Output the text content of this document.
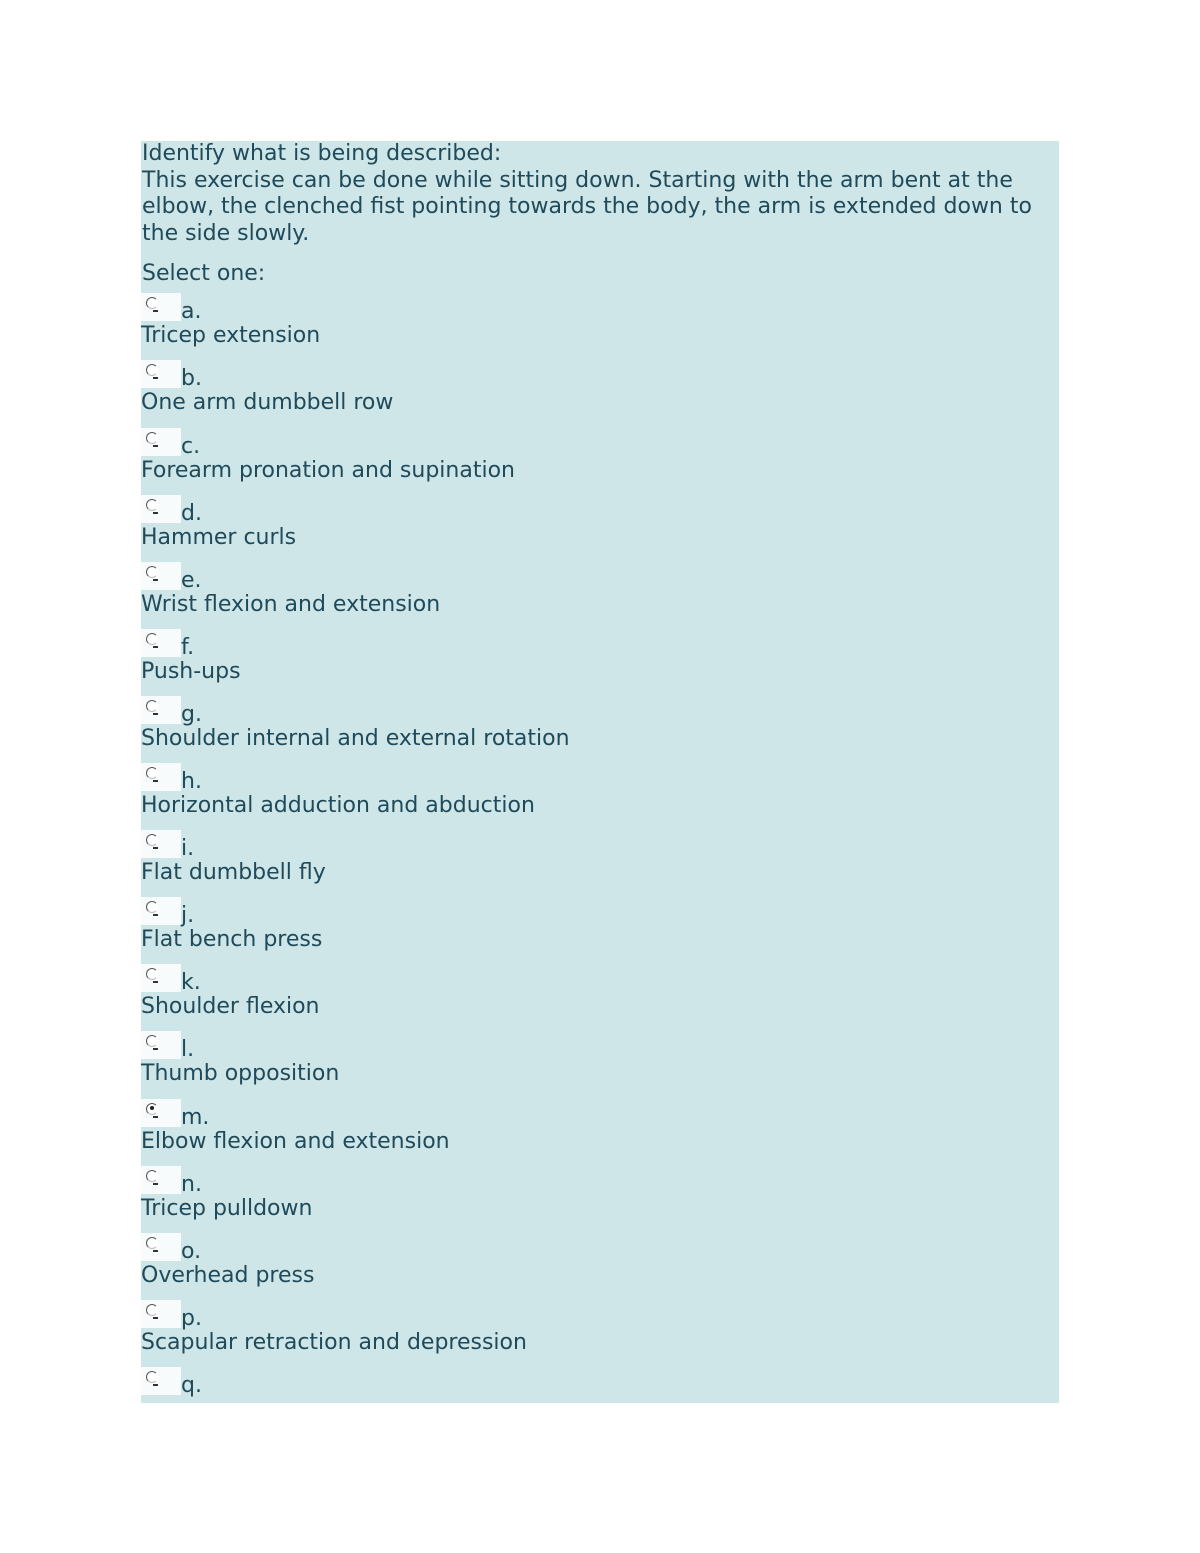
Identify what is being described:
This exercise can be done while sitting down. Starting with the arm bent at the
elbow, the clenched fist pointing towards the body, the arm is extended down to
the side slowly.
Select one:
a.
Tricep extension
b.
One arm dumbbell row
c.
Forearm pronation and supination
d.
Hammer curls
e.
Wrist flexion and extension
f.
Push-ups
g.
Shoulder internal and external rotation
h.
Horizontal adduction and abduction
i.
Flat dumbbell fly
j.
Flat bench press
k.
Shoulder flexion
l.
Thumb opposition
m.
Elbow flexion and extension
n.
Tricep pulldown
o.
Overhead press
p.
Scapular retraction and depression
q.
